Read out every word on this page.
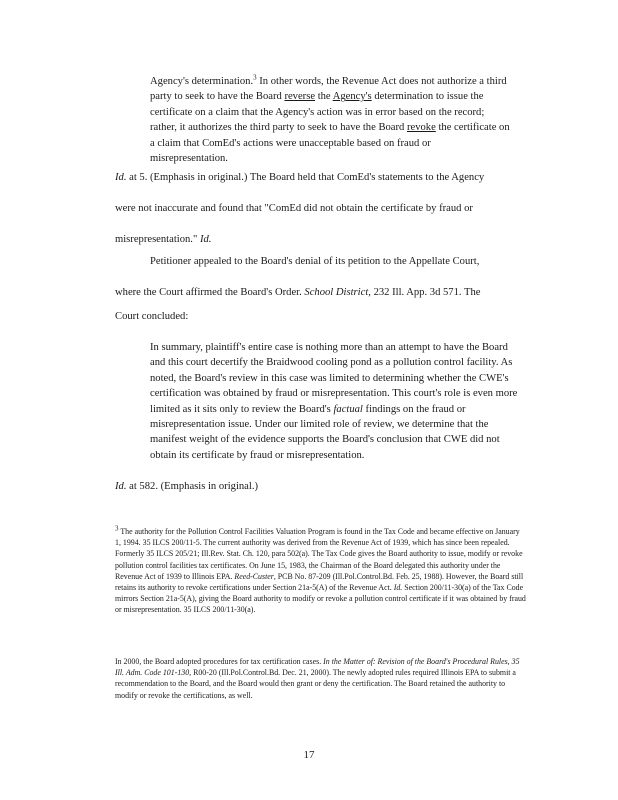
Agency's determination.$^3$ In other words, the Revenue Act does not authorize a third party to seek to have the Board reverse the Agency's determination to issue the certificate on a claim that the Agency's action was in error based on the record; rather, it authorizes the third party to seek to have the Board revoke the certificate on a claim that ComEd's actions were unacceptable based on fraud or misrepresentation.
Id. at 5. (Emphasis in original.) The Board held that ComEd's statements to the Agency
were not inaccurate and found that "ComEd did not obtain the certificate by fraud or
misrepresentation." Id.
Petitioner appealed to the Board's denial of its petition to the Appellate Court,
where the Court affirmed the Board's Order. School District, 232 Ill. App. 3d 571. The
Court concluded:
In summary, plaintiff's entire case is nothing more than an attempt to have the Board and this court decertify the Braidwood cooling pond as a pollution control facility. As noted, the Board's review in this case was limited to determining whether the CWE's certification was obtained by fraud or misrepresentation. This court's role is even more limited as it sits only to review the Board's factual findings on the fraud or misrepresentation issue. Under our limited role of review, we determine that the manifest weight of the evidence supports the Board's conclusion that CWE did not obtain its certificate by fraud or misrepresentation.
Id. at 582. (Emphasis in original.)
$^3$ The authority for the Pollution Control Facilities Valuation Program is found in the Tax Code and became effective on January 1, 1994. 35 ILCS 200/11-5. The current authority was derived from the Revenue Act of 1939, which has since been repealed. Formerly 35 ILCS 205/21; Ill.Rev. Stat. Ch. 120, para 502(a). The Tax Code gives the Board authority to issue, modify or revoke pollution control facilities tax certificates. On June 15, 1983, the Chairman of the Board delegated this authority under the Revenue Act of 1939 to Illinois EPA. Reed-Custer, PCB No. 87-209 (Ill.Pol.Control.Bd. Feb. 25, 1988). However, the Board still retains its authority to revoke certifications under Section 21a-5(A) of the Revenue Act. Id. Section 200/11-30(a) of the Tax Code mirrors Section 21a-5(A), giving the Board authority to modify or revoke a pollution control certificate if it was obtained by fraud or misrepresentation. 35 ILCS 200/11-30(a).
In 2000, the Board adopted procedures for tax certification cases. In the Matter of: Revision of the Board's Procedural Rules, 35 Ill. Adm. Code 101-130, R00-20 (Ill.Pol.Control.Bd. Dec. 21, 2000). The newly adopted rules required Illinois EPA to submit a recommendation to the Board, and the Board would then grant or deny the certification. The Board retained the authority to modify or revoke the certifications, as well.
17
